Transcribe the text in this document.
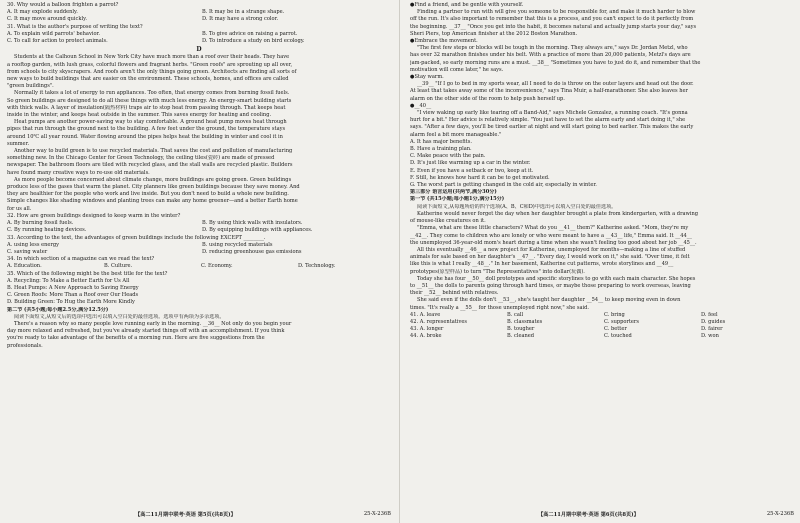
30. Why would a balloon frighten a parrot?
A. It may explode suddenly.	B. It may be in a strange shape.
C. It may move around quickly.	D. It may have a strong color.
31. What is the author's purpose of writing the text?
A. To explain wild parrots' behavior.	B. To give advice on raising a parrot.
C. To call for action to protect animals.	D. To introduce a study on bird ecology.
D
Students at the Calhoun School in New York City have much more than a roof over their heads. They have
a rooftop garden, with lush grass, colorful flowers and fragrant herbs. "Green roofs" are sprouting up all over,
from schools to city skyscrapers. And roofs aren't the only things going green. Architects are finding all sorts of
new ways to build buildings that are easier on the environment. These schools, homes, and offices are called
"green buildings".
Normally it takes a lot of energy to run appliances. Too often, that energy comes from burning fossil fuels.
So green buildings are designed to do all these things with much less energy. An energy-smart building starts
with thick walls. A layer of insulation(隔热材料) traps air to stop heat from passing through. That keeps heat
inside in the winter, and keeps heat outside in the summer. This saves energy for heating and cooling.
Heat pumps are another power-saving way to stay comfortable. A ground heat pump moves heat through
pipes that run through the ground next to the building. A few feet under the ground, the temperature stays
around 10℃ all year round. Water flowing around the pipes helps heat the building in winter and cool it in
summer.
Another way to build green is to use recycled materials. That saves the cost and pollution of manufacturing
something new. In the Chicago Center for Green Technology, the ceiling tiles(瓷砖) are made of pressed
newspaper. The bathroom floors are tiled with recycled glass, and the stall walls are recycled plastic. Builders
have found many creative ways to re-use old materials.
As more people become concerned about climate change, more buildings are going green. Green buildings
produce less of the gases that warm the planet. City planners like green buildings because they save money. And
they are healthier for the people who work and live inside. But you don't need to build a whole new building.
Simple changes like shading windows and planting trees can make any home greener—and a better Earth home
for us all.
32. How are green buildings designed to keep warm in the winter?
A. By burning fossil fuels.	B. By using thick walls with insulators.
C. By running heating devices.	D. By equipping buildings with appliances.
33. According to the text, the advantages of green buildings include the following EXCEPT ________.
A. using less energy	B. using recycled materials
C. saving water	D. reducing greenhouse gas emissions
34. In which section of a magazine can we read the text?
A. Education.	B. Culture.	C. Economy.	D. Technology.
35. Which of the following might be the best title for the text?
A. Recycling: To Make a Better Earth for Us All
B. Heat Pumps: A New Approach to Saving Energy
C. Green Roofs: More Than a Roof over Our Heads
D. Building Green: To Hug the Earth More Kindly
第二节 (共5小题;每小题2.5分,满分12.5分)
阅读下面短文,从短文后的选项中选出可以填入空白处的最佳选项。选项中有两项为多余选项。
There's a reason why so many people love running early in the morning. __36__ Not only do you begin your
day more relaxed and refreshed, but you've already started things off with an accomplishment. If you think
you're ready to take advantage of the benefits of a morning run. Here are five suggestions from the
professionals.
【高二11月期中联考·英语 第5页(共8页)】	25-X-236B
●Find a friend, and be gentle with yourself.
Finding a partner to run with will give you someone to be responsible for, and make it much harder to blow
off the run. It's also important to remember that this is a process, and you can't expect to do it perfectly from
the beginning. __37__ "Once you get into the habit, it becomes natural and actually jump starts your day," says
Sheri Piers, top American finisher at the 2012 Boston Marathon.
●Embrace the movement.
"The first few steps or blocks will be tough in the morning. They always are," says Dr. Jordan Metzl, who
has over 32 marathon finishes under his belt. With a practice of more than 20,000 patients, Metzl's days are
jam-packed, so early morning runs are a must. __38__ "Sometimes you have to just do it, and remember that the
motivation will come later," he says.
●Stay warm.
__39__ "If I go to bed in my sports wear, all I need to do is throw on the outer layers and head out the door.
At least that takes away some of the inconvenience," says Tina Muir, a half-marathoner. She also leaves her
alarm on the other side of the room to help push herself up.
●__40__
"I view waking up early like tearing off a Band-Aid," says Michele Gonzalez, a running coach. "It's gonna
hurt for a bit." Her advice is relatively simple. "You just have to set the alarm early and start doing it," she
says. "After a few days, you'll be tired earlier at night and will start going to bed earlier. This makes the early
alarm feel a bit more manageable."
A. It has major benefits.
B. Have a training plan.
C. Make peace with the pain.
D. It's just like warming up a car in the winter.
E. Even if you have a setback or two, keep at it.
F. Still, he knows how hard it can be to get motivated.
G. The worst part is getting changed in the cold air, especially in winter.
第三部分 语言运用(共两节,满分30分)
第一节 (共15小题;每小题1分,满分15分)
阅读下面短文,从每题所给的四个选项(A、B、C和D)中选出可以填入空白处的最佳选项。
Katherine would never forget the day when her daughter brought a plate from kindergarten, with a drawing
of mouse-like creatures on it.
"Emma, what are these little characters? What do you __41__ them?" Katherine asked. "Mom, they're my
__42__. They come to children who are lonely or who were meant to have a __43__ life," Emma said. It __44__
the unemployed 36-year-old mom's heart during a time when she wasn't feeling too good about her job __45__.
All this eventually __46__ a new project for Katherine, unemployed for months—making a line of stuffed
animals for sale based on her daughter's __47__. "Every day, I would work on it," she said. "Over time, it felt
like this is what I really __48__." In her basement, Katherine cut patterns, wrote storylines and __49__
prototypes(原型样品) to turn "The Representatives" into dollar(玩偶).
Today she has four __50__ doll prototypes and specific storylines to go with each main character. She hopes
to __51__ the dolls to parents going through hard times, or maybe those preparing to work overseas, leaving
their __52__ behind with relatives.
She said even if the dolls don't __53__, she's taught her daughter __54__ to keep moving even in down
times. "It's really a __55__ for those unemployed right now," she said.
41. A. leave	B. call	C. bring	D. feel
42. A. representatives	B. classmates	C. supporters	D. guides
43. A. longer	B. tougher	C. better	D. fairer
44. A. broke	B. cleaned	C. touched	D. won
【高二11月期中联考·英语 第6页(共8页)】	25-X-236B
